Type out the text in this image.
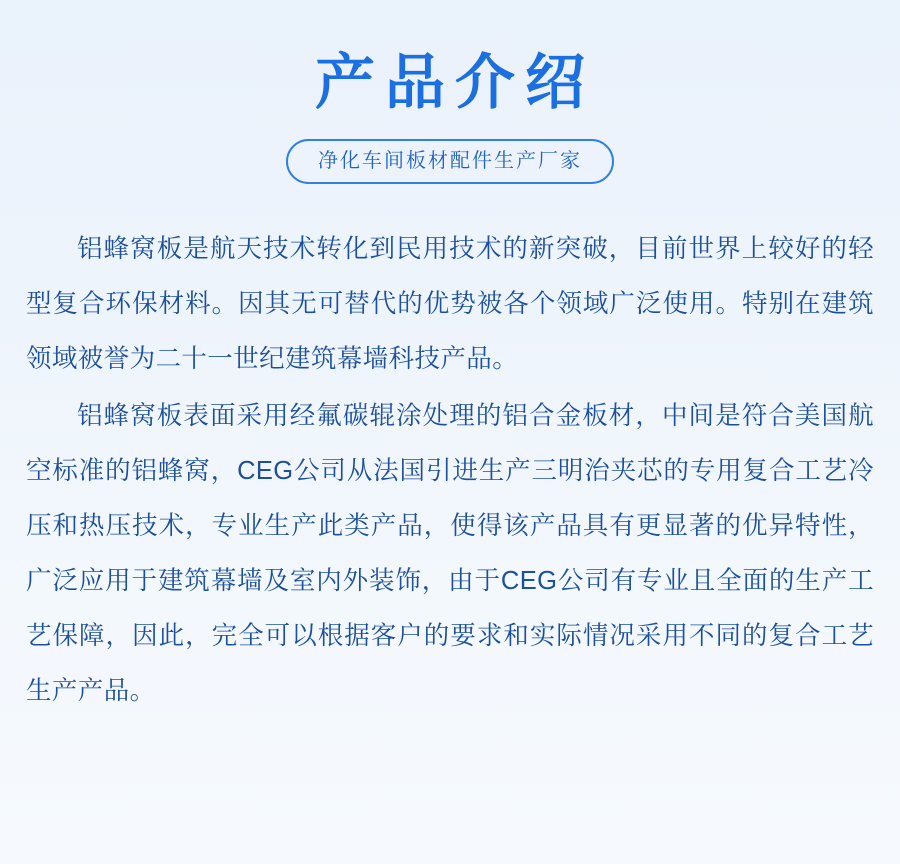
产品介绍
净化车间板材配件生产厂家

铝蜂窝板是航天技术转化到民用技术的新突破，目前世界上较好的轻型复合环保材料。因其无可替代的优势被各个领域广泛使用。特别在建筑领域被誉为二十一世纪建筑幕墙科技产品。

铝蜂窝板表面采用经氟碳辊涂处理的铝合金板材，中间是符合美国航空标准的铝蜂窝，CEG公司从法国引进生产三明治夹芯的专用复合工艺冷压和热压技术，专业生产此类产品，使得该产品具有更显著的优异特性，广泛应用于建筑幕墙及室内外装饰，由于CEG公司有专业且全面的生产工艺保障，因此，完全可以根据客户的要求和实际情况采用不同的复合工艺生产产品。
